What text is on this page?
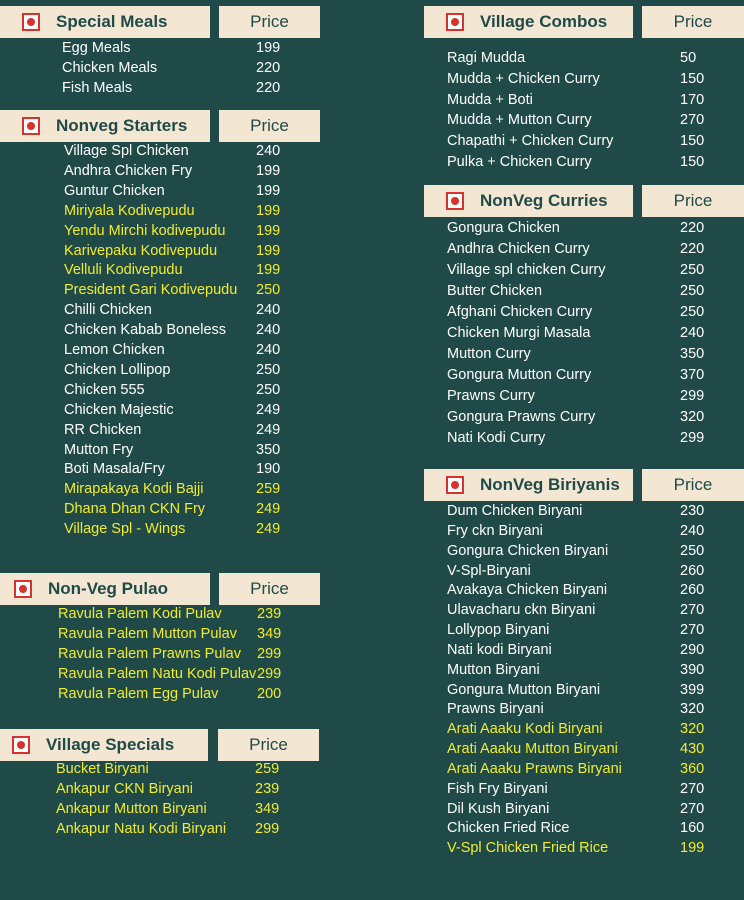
Special Meals	Price
Egg Meals	199
Chicken Meals	220
Fish Meals	220
Nonveg Starters	Price
Village Spl Chicken	240
Andhra Chicken Fry	199
Guntur Chicken	199
Miriyala Kodivepudu	199
Yendu Mirchi kodivepudu 199
Karivepaku Kodivepudu	199
Velluli Kodivepudu	199
President Gari Kodivepudu 250
Chilli Chicken	240
Chicken Kabab Boneless 240
Lemon Chicken	240
Chicken Lollipop	250
Chicken 555	250
Chicken Majestic	249
RR Chicken	249
Mutton Fry	350
Boti Masala/Fry	190
Mirapakaya Kodi Bajji	259
Dhana Dhan CKN Fry	249
Village Spl - Wings	249
Non-Veg Pulao	Price
Ravula Palem Kodi Pulav 239
Ravula Palem Mutton Pulav 349
Ravula Palem Prawns Pulav 299
Ravula Palem Natu Kodi Pulav 299
Ravula Palem Egg Pulav	200
Village Specials	Price
Bucket Biryani	259
Ankapur CKN Biryani	239
Ankapur Mutton Biryani	349
Ankapur Natu Kodi Biryani 299
Village Combos	Price
Ragi Mudda	50
Mudda + Chicken Curry	150
Mudda + Boti	170
Mudda + Mutton Curry	270
Chapathi + Chicken Curry	150
Pulka + Chicken Curry	150
NonVeg Curries	Price
Gongura Chicken	220
Andhra Chicken Curry	220
Village spl chicken Curry	250
Butter Chicken	250
Afghani Chicken Curry	250
Chicken Murgi Masala	240
Mutton Curry	350
Gongura Mutton Curry	370
Prawns Curry	299
Gongura Prawns Curry	320
Nati Kodi Curry	299
NonVeg Biriyanis	Price
Dum Chicken Biryani	230
Fry ckn Biryani	240
Gongura Chicken Biryani	250
V-Spl-Biryani	260
Avakaya Chicken Biryani	260
Ulavacharu ckn Biryani	270
Lollypop Biryani	270
Nati kodi Biryani	290
Mutton Biryani	390
Gongura Mutton Biryani	399
Prawns Biryani	320
Arati Aaaku Kodi Biryani	320
Arati Aaaku Mutton Biryani	430
Arati Aaaku Prawns Biryani	360
Fish Fry Biryani	270
Dil Kush Biryani	270
Chicken Fried Rice	160
V-Spl Chicken Fried Rice	199
